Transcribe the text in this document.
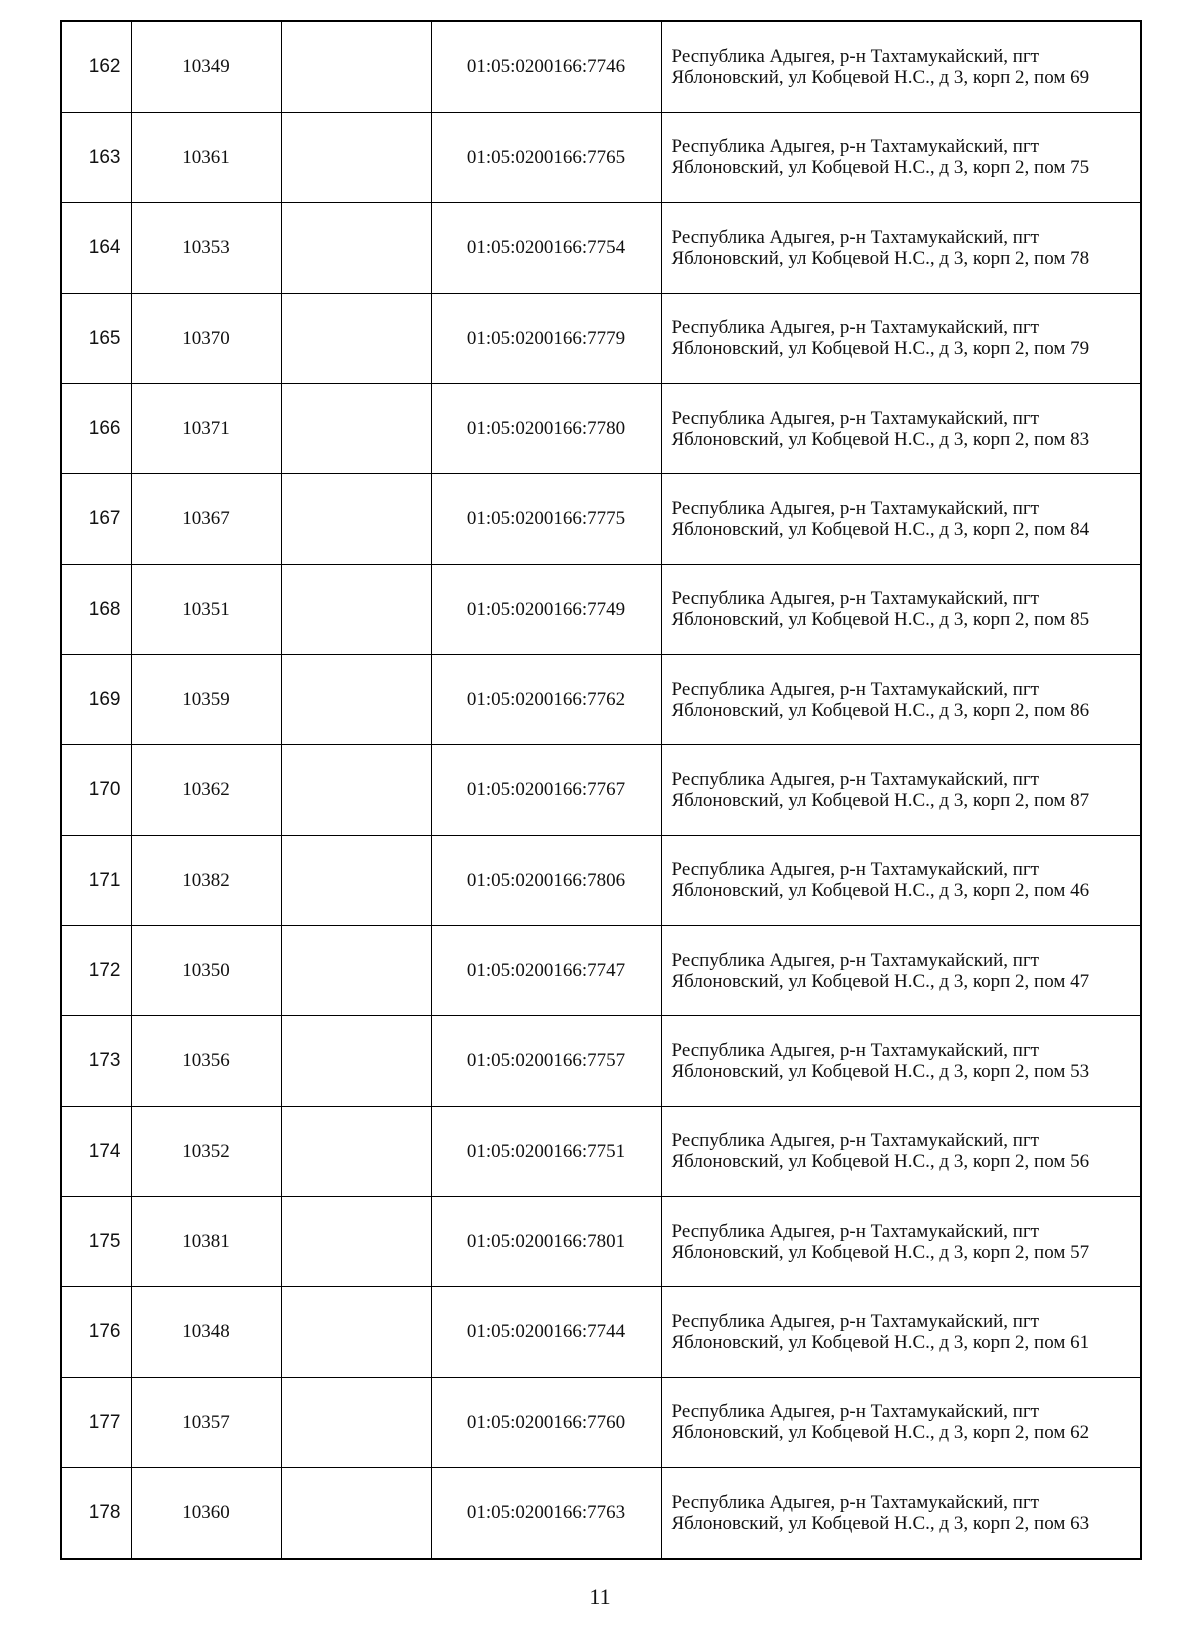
162	10349		01:05:0200166:7746	Республика Адыгея, р-н Тахтамукайский, пгт Яблоновский, ул Кобцевой Н.С., д 3, корп 2, пом 69
163	10361		01:05:0200166:7765	Республика Адыгея, р-н Тахтамукайский, пгт Яблоновский, ул Кобцевой Н.С., д 3, корп 2, пом 75
164	10353		01:05:0200166:7754	Республика Адыгея, р-н Тахтамукайский, пгт Яблоновский, ул Кобцевой Н.С., д 3, корп 2, пом 78
165	10370		01:05:0200166:7779	Республика Адыгея, р-н Тахтамукайский, пгт Яблоновский, ул Кобцевой Н.С., д 3, корп 2, пом 79
166	10371		01:05:0200166:7780	Республика Адыгея, р-н Тахтамукайский, пгт Яблоновский, ул Кобцевой Н.С., д 3, корп 2, пом 83
167	10367		01:05:0200166:7775	Республика Адыгея, р-н Тахтамукайский, пгт Яблоновский, ул Кобцевой Н.С., д 3, корп 2, пом 84
168	10351		01:05:0200166:7749	Республика Адыгея, р-н Тахтамукайский, пгт Яблоновский, ул Кобцевой Н.С., д 3, корп 2, пом 85
169	10359		01:05:0200166:7762	Республика Адыгея, р-н Тахтамукайский, пгт Яблоновский, ул Кобцевой Н.С., д 3, корп 2, пом 86
170	10362		01:05:0200166:7767	Республика Адыгея, р-н Тахтамукайский, пгт Яблоновский, ул Кобцевой Н.С., д 3, корп 2, пом 87
171	10382		01:05:0200166:7806	Республика Адыгея, р-н Тахтамукайский, пгт Яблоновский, ул Кобцевой Н.С., д 3, корп 2, пом 46
172	10350		01:05:0200166:7747	Республика Адыгея, р-н Тахтамукайский, пгт Яблоновский, ул Кобцевой Н.С., д 3, корп 2, пом 47
173	10356		01:05:0200166:7757	Республика Адыгея, р-н Тахтамукайский, пгт Яблоновский, ул Кобцевой Н.С., д 3, корп 2, пом 53
174	10352		01:05:0200166:7751	Республика Адыгея, р-н Тахтамукайский, пгт Яблоновский, ул Кобцевой Н.С., д 3, корп 2, пом 56
175	10381		01:05:0200166:7801	Республика Адыгея, р-н Тахтамукайский, пгт Яблоновский, ул Кобцевой Н.С., д 3, корп 2, пом 57
176	10348		01:05:0200166:7744	Республика Адыгея, р-н Тахтамукайский, пгт Яблоновский, ул Кобцевой Н.С., д 3, корп 2, пом 61
177	10357		01:05:0200166:7760	Республика Адыгея, р-н Тахтамукайский, пгт Яблоновский, ул Кобцевой Н.С., д 3, корп 2, пом 62
178	10360		01:05:0200166:7763	Республика Адыгея, р-н Тахтамукайский, пгт Яблоновский, ул Кобцевой Н.С., д 3, корп 2, пом 63
11
